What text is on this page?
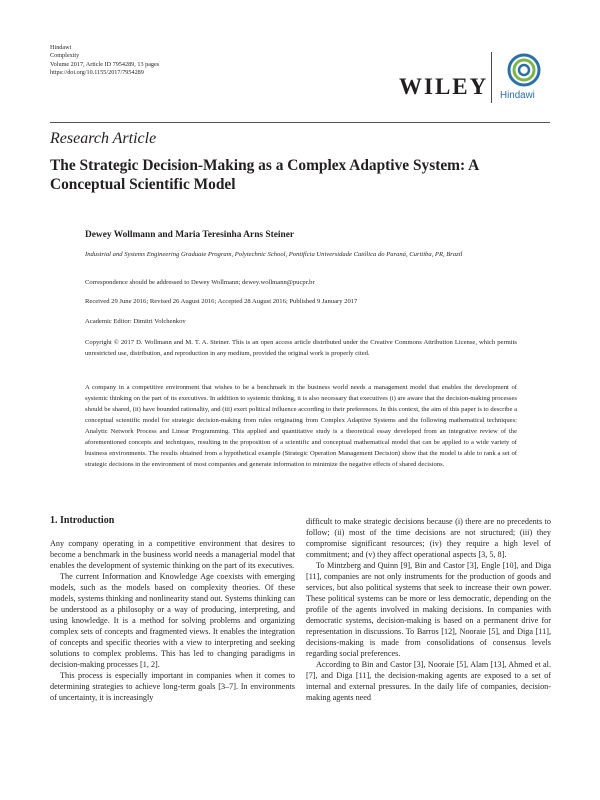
Hindawi
Complexity
Volume 2017, Article ID 7954289, 13 pages
https://doi.org/10.1155/2017/7954289
WILEY Hindawi
Research Article
The Strategic Decision-Making as a Complex Adaptive System: A Conceptual Scientific Model
Dewey Wollmann and Maria Teresinha Arns Steiner
Industrial and Systems Engineering Graduate Program, Polytechnic School, Pontifícia Universidade Católica do Paraná, Curitiba, PR, Brazil
Correspondence should be addressed to Dewey Wollmann; dewey.wollmann@pucpr.br
Received 29 June 2016; Revised 26 August 2016; Accepted 28 August 2016; Published 9 January 2017
Academic Editor: Dimitri Volchenkov
Copyright © 2017 D. Wollmann and M. T. A. Steiner. This is an open access article distributed under the Creative Commons Attribution License, which permits unrestricted use, distribution, and reproduction in any medium, provided the original work is properly cited.
A company in a competitive environment that wishes to be a benchmark in the business world needs a management model that enables the development of systemic thinking on the part of its executives. In addition to systemic thinking, it is also necessary that executives (i) are aware that the decision-making processes should be shared, (ii) have bounded rationality, and (iii) exert political influence according to their preferences. In this context, the aim of this paper is to describe a conceptual scientific model for strategic decision-making from rules originating from Complex Adaptive Systems and the following mathematical techniques: Analytic Network Process and Linear Programming. This applied and quantitative study is a theoretical essay developed from an integrative review of the aforementioned concepts and techniques, resulting in the proposition of a scientific and conceptual mathematical model that can be applied to a wide variety of business environments. The results obtained from a hypothetical example (Strategic Operation Management Decision) show that the model is able to rank a set of strategic decisions in the environment of most companies and generate information to minimize the negative effects of shared decisions.
1. Introduction

Any company operating in a competitive environment that desires to become a benchmark in the business world needs a managerial model that enables the development of systemic thinking on the part of its executives.

The current Information and Knowledge Age coexists with emerging models, such as the models based on complexity theories. Of these models, systems thinking and nonlinearity stand out. Systems thinking can be understood as a philosophy or a way of producing, interpreting, and using knowledge. It is a method for solving problems and organizing complex sets of concepts and fragmented views. It enables the integration of concepts and specific theories with a view to interpreting and seeking solutions to complex problems. This has led to changing paradigms in decision-making processes [1, 2].

This process is especially important in companies when it comes to determining strategies to achieve long-term goals [3–7]. In environments of uncertainty, it is increasingly

difficult to make strategic decisions because (i) there are no precedents to follow; (ii) most of the time decisions are not structured; (iii) they compromise significant resources; (iv) they require a high level of commitment; and (v) they affect operational aspects [3, 5, 8].

To Mintzberg and Quinn [9], Bin and Castor [3], Engle [10], and Diga [11], companies are not only instruments for the production of goods and services, but also political systems that seek to increase their own power. These political systems can be more or less democratic, depending on the profile of the agents involved in making decisions. In companies with democratic systems, decision-making is based on a permanent drive for representation in discussions. To Barros [12], Nooraie [5], and Diga [11], decisions-making is made from consolidations of consensus levels regarding social preferences.

According to Bin and Castor [3], Nooraie [5], Alam [13], Ahmed et al. [7], and Diga [11], the decision-making agents are exposed to a set of internal and external pressures. In the daily life of companies, decision-making agents need
